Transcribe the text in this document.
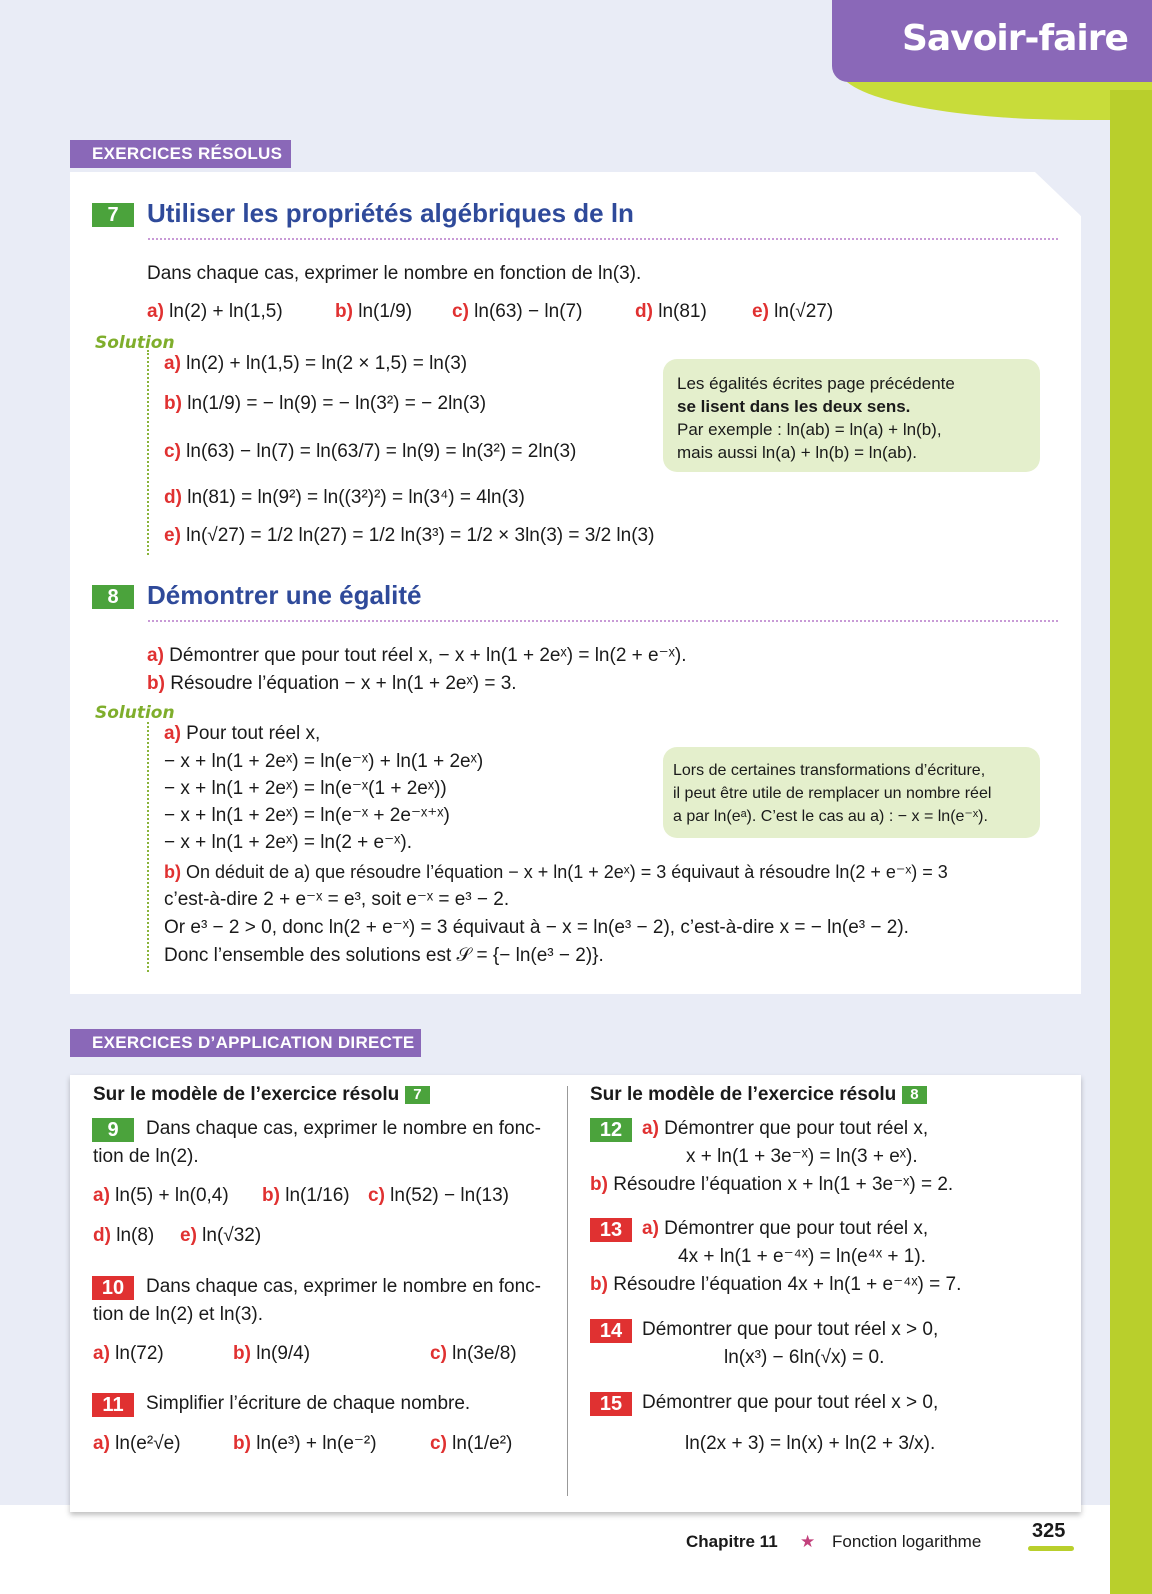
Savoir-faire
EXERCICES RÉSOLUS
7	Utiliser les propriétés algébriques de ln
Dans chaque cas, exprimer le nombre en fonction de ln(3).
a) ln(2) + ln(1,5)	b) ln(1/9) c) ln(63) − ln(7)	d) ln(81) e) ln(√27)
Solution
a) ln(2) + ln(1,5) = ln(2 × 1,5) = ln(3)
b) ln(1/9) = − ln(9) = − ln(3²) = − 2ln(3)
c) ln(63) − ln(7) = ln(63/7) = ln(9) = ln(3²) = 2ln(3)
d) ln(81) = ln(9²) = ln((3²)²) = ln(3⁴) = 4ln(3)
e) ln(√27) = 1/2 ln(27) = 1/2 ln(3³) = 1/2 × 3ln(3) = 3/2 ln(3)
Les égalités écrites page précédente
se lisent dans les deux sens.
Par exemple : ln(ab) = ln(a) + ln(b),
mais aussi ln(a) + ln(b) = ln(ab).
8	Démontrer une égalité
a) Démontrer que pour tout réel x, − x + ln(1 + 2eˣ) = ln(2 + e⁻ˣ).
b) Résoudre l’équation − x + ln(1 + 2eˣ) = 3.
Solution
a) Pour tout réel x,
− x + ln(1 + 2eˣ) = ln(e⁻ˣ) + ln(1 + 2eˣ)
− x + ln(1 + 2eˣ) = ln(e⁻ˣ(1 + 2eˣ))
− x + ln(1 + 2eˣ) = ln(e⁻ˣ + 2e⁻ˣ⁺ˣ)
− x + ln(1 + 2eˣ) = ln(2 + e⁻ˣ).
b) On déduit de a) que résoudre l’équation − x + ln(1 + 2eˣ) = 3 équivaut à résoudre ln(2 + e⁻ˣ) = 3
c’est-à-dire 2 + e⁻ˣ = e³, soit e⁻ˣ = e³ − 2.
Or e³ − 2 > 0, donc ln(2 + e⁻ˣ) = 3 équivaut à − x = ln(e³ − 2), c’est-à-dire x = − ln(e³ − 2).
Donc l’ensemble des solutions est 𝒮 = {− ln(e³ − 2)}.
Lors de certaines transformations d’écriture,
il peut être utile de remplacer un nombre réel
a par ln(eᵃ). C’est le cas au a) : − x = ln(e⁻ˣ).
EXERCICES D’APPLICATION DIRECTE
Sur le modèle de l’exercice résolu 7
9	Dans chaque cas, exprimer le nombre en fonc-
tion de ln(2).
a) ln(5) + ln(0,4) b) ln(1/16) c) ln(52) − ln(13)
d) ln(8) e) ln(√32)
10	Dans chaque cas, exprimer le nombre en fonc-
tion de ln(2) et ln(3).
a) ln(72)	b) ln(9/4)	c) ln(3e/8)
11	Simplifier l’écriture de chaque nombre.
a) ln(e²√e)	b) ln(e³) + ln(e⁻²)	c) ln(1/e²)
Sur le modèle de l’exercice résolu 8
12	a) Démontrer que pour tout réel x,
x + ln(1 + 3e⁻ˣ) = ln(3 + eˣ).
b) Résoudre l’équation x + ln(1 + 3e⁻ˣ) = 2.
13	a) Démontrer que pour tout réel x,
4x + ln(1 + e⁻⁴ˣ) = ln(e⁴ˣ + 1).
b) Résoudre l’équation 4x + ln(1 + e⁻⁴ˣ) = 7.
14	Démontrer que pour tout réel x > 0,
ln(x³) − 6ln(√x) = 0.
15	Démontrer que pour tout réel x > 0,
ln(2x + 3) = ln(x) + ln(2 + 3/x).
Chapitre 11 ★ Fonction logarithme	325
